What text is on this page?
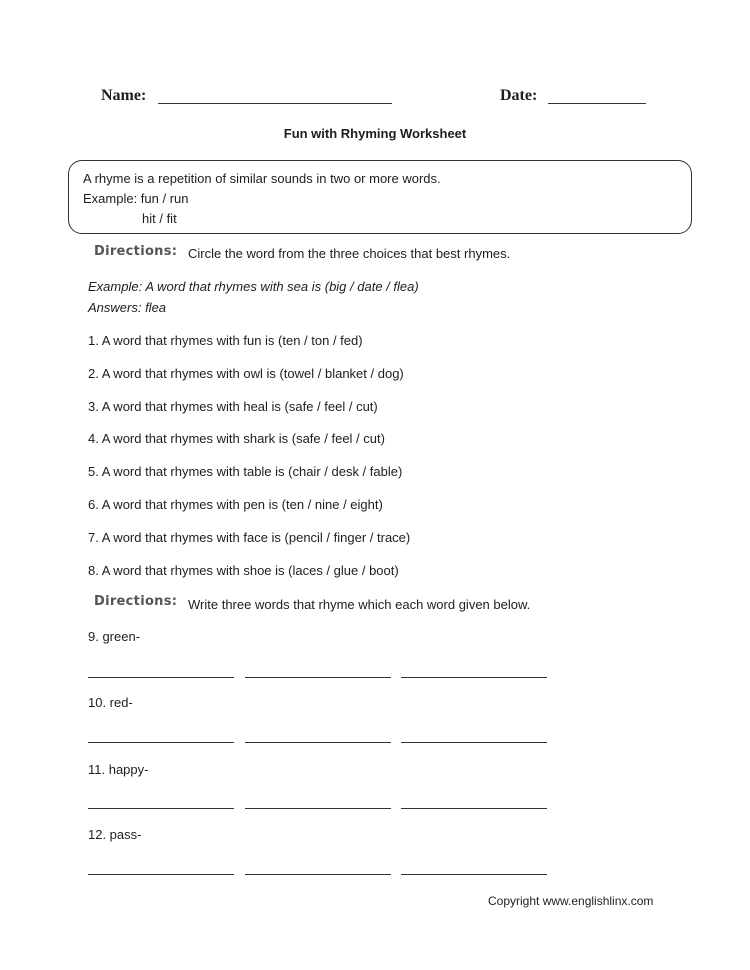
Name:	Date:
Fun with Rhyming Worksheet
A rhyme is a repetition of similar sounds in two or more words.
Example: fun / run
hit / fit
Directions: Circle the word from the three choices that best rhymes.
Example: A word that rhymes with sea is (big / date / flea)
Answers: flea
1. A word that rhymes with fun is (ten / ton / fed)
2. A word that rhymes with owl is (towel / blanket / dog)
3. A word that rhymes with heal is (safe / feel / cut)
4. A word that rhymes with shark is (safe / feel / cut)
5. A word that rhymes with table is (chair / desk / fable)
6. A word that rhymes with pen is (ten / nine / eight)
7. A word that rhymes with face is (pencil / finger / trace)
8. A word that rhymes with shoe is (laces / glue / boot)
Directions: Write three words that rhyme which each word given below.
9. green-
10. red-
11. happy-
12. pass-
Copyright www.englishlinx.com
